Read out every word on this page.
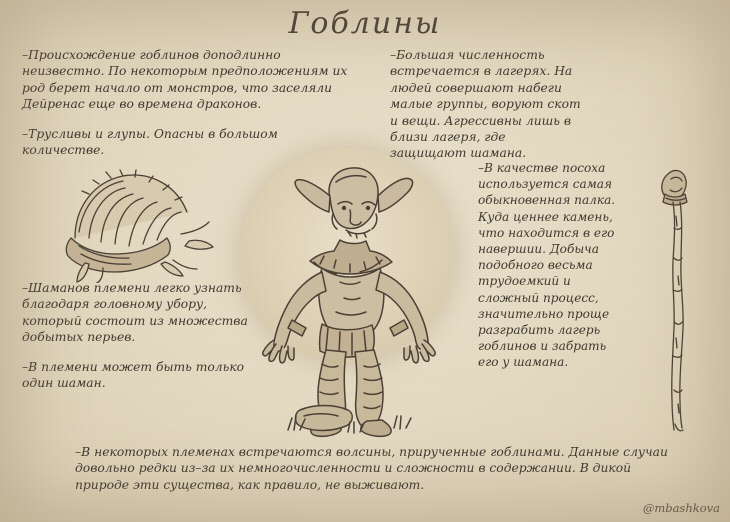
Гоблины

–Происхождение гоблинов доподлинно неизвестно. По некоторым предположениям их род берет начало от монстров, что заселяли Дейренас еще во времена драконов.

–Трусливы и глупы. Опасны в большом количестве.

–Шаманов племени легко узнать благодаря головному убору, который состоит из множества добытых перьев.

–В племени может быть только один шаман.

–Большая численность встречается в лагерях. На людей совершают набеги малые группы, воруют скот и вещи. Агрессивны лишь в близи лагеря, где защищают шамана.

–В качестве посоха используется самая обыкновенная палка. Куда ценнее камень, что находится в его навершии. Добыча подобного весьма трудоемкий и сложный процесс, значительно проще разграбить лагерь гоблинов и забрать его у шамана.

–В некоторых племенах встречаются волсины, прирученные гоблинами. Данные случаи довольно редки из–за их немногочисленности и сложности в содержании. В дикой природе эти существа, как правило, не выживают.

@mbashkova
